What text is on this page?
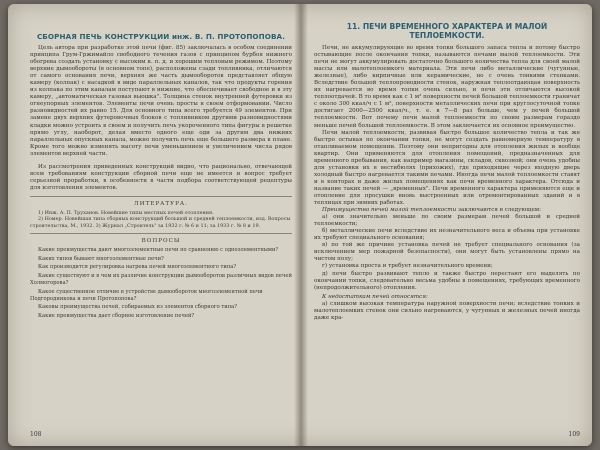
СБОРНАЯ ПЕЧЬ КОНСТРУКЦИИ инж. В. П. ПРОТОПОПОВА.

Цель автора при разработке этой печи (фиг. 85) заключалась в особом соединении принципа Грум-Гржимайло свободного течения газов с принципом бурбоя нижнего обогрева создать установку с высоким к. п. д. и хорошим тепловым режимом. Поэтому верхние дымообороты (в основном топе), расположены сзади топливника, отличаются от самого основания печи, верхняя же часть дымооборотов представляет общую камеру (колпак) с насадкой в виде параллельных каналов, так что продукты горения из колпака по этим каналам поступают в нижние, что обеспечивает свободное и в эту камеру, „автоматическая газовая вьюшка". Толщина стенок внутренней футеровки из огнеупорных элементов. Элементы печи очень просты в своем отформовании. Число разновидностей их равно 15. Для основного типа всего требуется 49 элементов. При замене двух верхних футеровочных блоков с топливником другими разновидностями кладки можно устроить в своем и получить печь укороченного типа фигуры в решетке прямо углу, наоборот, делая вместо одного еще оди за другим два нижних параллельных опускных канала, можно получить печь еще большего размера в плане. Кроме того можно изменять высоту печи уменьшением и увеличением числа рядов элементов верхней части.

Из рассмотрения приведенных конструкций видно, что рационально, отвечающей всем требованиям конструкции сборной печи еще не имеется и вопрос требует серьезной проработки, в особенности в части подбора соответствующей рецептуры для изготовления элементов.

ЛИТЕРАТУРА.

1) Инж. А. П. Труханов. Новейшие типы местных печей отопления.

2) Номер. Новейшая типа сборных конструкций большой и средней теплоемкости, изд. Вопросы строительства, М., 1932. 3) Журнал „Строитель" за 1932 г. № 6 и 11; за 1933 г. № 8 и 19.

ВОПРОСЫ

Какие преимущества дают многоэлементные печи по сравнению с одноэлементными?

Каких типов бывают многоэлементные печи?

Как производится регулировка нагрева печей многоэлементного типа?

Какие существуют и в чем их различие конструкции дымооборотов различных видов печей Холмогорова?

Какое существенное отличие в устройстве дымооборотов многоэлементной печи Подгородникова и печи Протопопова?

Каковы преимущества печей, собираемых из элементов сборного типа?

Какие преимущества дает сборное изготовление печей?

108
11. ПЕЧИ ВРЕМЕННОГО ХАРАКТЕРА И МАЛОЙ
ТЕПЛОЕМКОСТИ.

Печи, не аккумулирующие во время топки большого запаса тепла и потому быстро остывающие после окончания топки, называются печами малой теплоемкости. Эти печи не могут аккумулировать достаточно большого количества тепла для своей малой массы или малотеплоемкого материала. Эти печи либо металлические (чугунные, железные), либо кирпичные или керамические, но с очень тонкими стенками. Вследствие большой теплопроводности стенок, наружная теплоотдающая поверхность их нагревается во время топки очень сильно, и печи эти отличаются высокой теплоотдачей. В то время как с 1 м² поверхности печей большой теплоемкости граничат с около 300 ккал/ч с 1 м², поверхности металлических печи при круглосуточной топке достигает 2000—2500 ккал/ч., т. е. в 7—8 раз больше, чем у печей большой теплоемкости. Вот почему печи малой теплоемкости по своим размерам гораздо меньше печей большой теплоемкости. В этом заключается их основное преимущество.

Печи малой теплоемкости, развивая быстро большое количество тепла и так же быстро остывая по окончании топки, не могут создать равномерную температуру в отапливаемом помещении. Поэтому они непригодны для отопления жилых и вообще квартир. Они применяются для отопления помещений, предназначенных для временного пребывания, как например магазины, складов, сквозной; они очень удобны для установки их в вестибюлях (прихожих), где приходящие через входную дверь холодный быстро нагревается такими печами. Иногда печи малой теплоемкости ставят и в конторах и даже жилых помещениях как печи временного характера. Отсюда и название таких печей — „временных". Печи временного характера применяются еще и отопление для просушки вновь выстроенных или отремонтированных зданий и в теплицах при зимних работах.

Преимущества печей малой теплоемкости заключаются в следующем:

а) они значительно меньше по своим размерам печей большой и средней теплоемкости;

б) металлические печи вследствие их незначительного веса и объема при установке их требуют специального основания;

в) по той же причине установка печей не требует специального основания (за исключением мер пожарной безопасности), они могут быть установлены прямо на чистом полу;

г) установка проста и требует незначительного времени;

д) печи быстро развивают тепло и также быстро перестают его выделять по окончании топки, следовательно весьма удобны в помещениях, требующих временного (непродолжительного) отопления.

К недостаткам печей относятся:

а) слишком высокая температура наружной поверхности печи; вследствие тонких и малотеплоемких стенок они сильно нагреваются, у чугунных и железных печей иногда даже кра-

109
